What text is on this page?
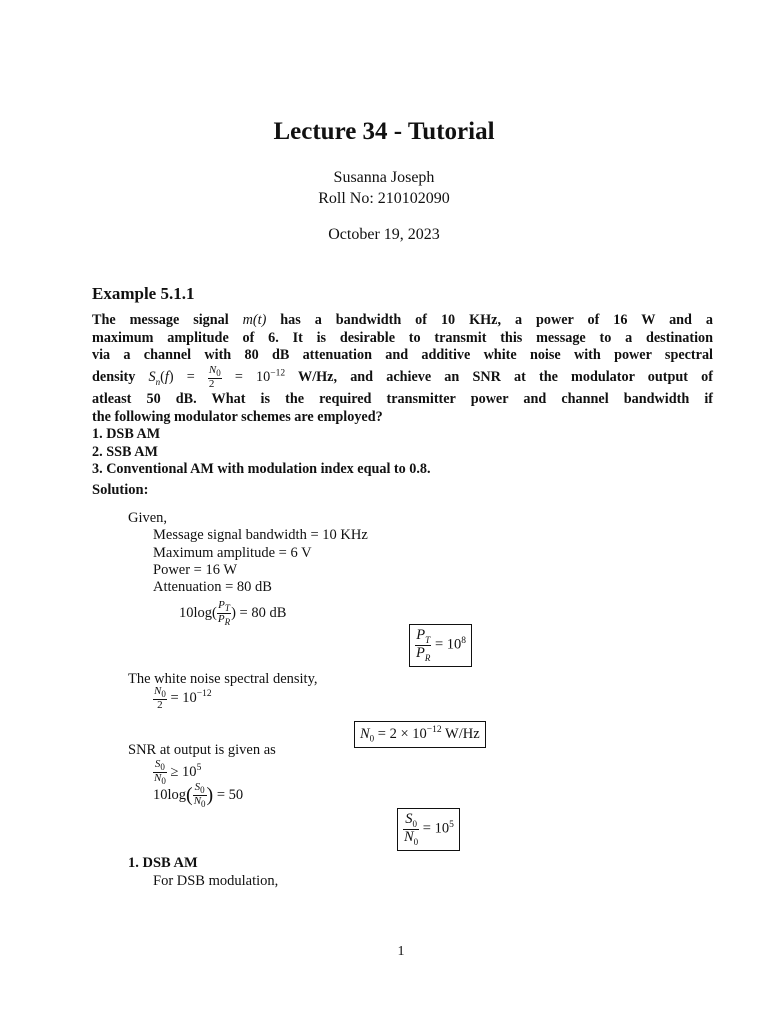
Lecture 34 - Tutorial
Susanna Joseph
Roll No: 210102090
October 19, 2023
Example 5.1.1
The message signal m(t) has a bandwidth of 10 KHz, a power of 16 W and a
maximum amplitude of 6. It is desirable to transmit this message to a destination
via a channel with 80 dB attenuation and additive white noise with power spectral
density $S_n(f) = \frac{N_0}{2} = 10^{-12}$ W/Hz, and achieve an SNR at the modulator output of
atleast 50 dB. What is the required transmitter power and channel bandwidth if
the following modulator schemes are employed?
1. DSB AM
2. SSB AM
3. Conventional AM with modulation index equal to 0.8.
Solution:
Given,
Message signal bandwidth = 10 KHz
Maximum amplitude = 6 V
Power = 16 W
Attenuation = 80 dB
$10\log( \frac{P_T}{P_R}$ ) = 80 dB
$\frac{P_T}{P_R} = 10^8$
The white noise spectral density,
$\frac{N_0}{2} = 10^{-12}$
$N_0 = 2 \times 10^{-12}$ W/Hz
SNR at output is given as
$\frac{S_0}{N_0} \ge 10^5$
$10\log( \frac{S_0}{N_0}$ ) = 50
$\frac{S_0}{N_0} = 10^5$
1. DSB AM
For DSB modulation,
1
